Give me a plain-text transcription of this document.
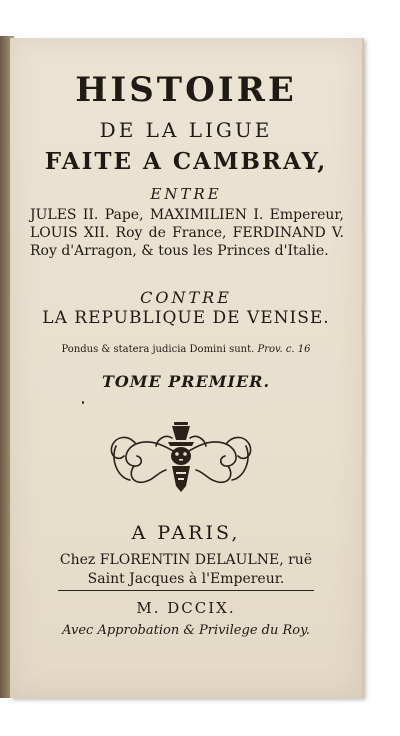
HISTOIRE
DE LA LIGUE
FAITE A CAMBRAY,
ENTRE
JULES II. Pape, MAXIMILIEN I. Empereur, LOUIS XII. Roy de France, FERDINAND V. Roy d'Arragon, & tous les Princes d'Italie.
CONTRE
LA REPUBLIQUE DE VENISE.
Pondus & statera judicia Domini sunt. Prov. c. 16
TOME PREMIER.
A PARIS,
Chez FLORENTIN DELAULNE, ruë
Saint Jacques à l'Empereur.
M. DCCIX.
Avec Approbation & Privilege du Roy.
